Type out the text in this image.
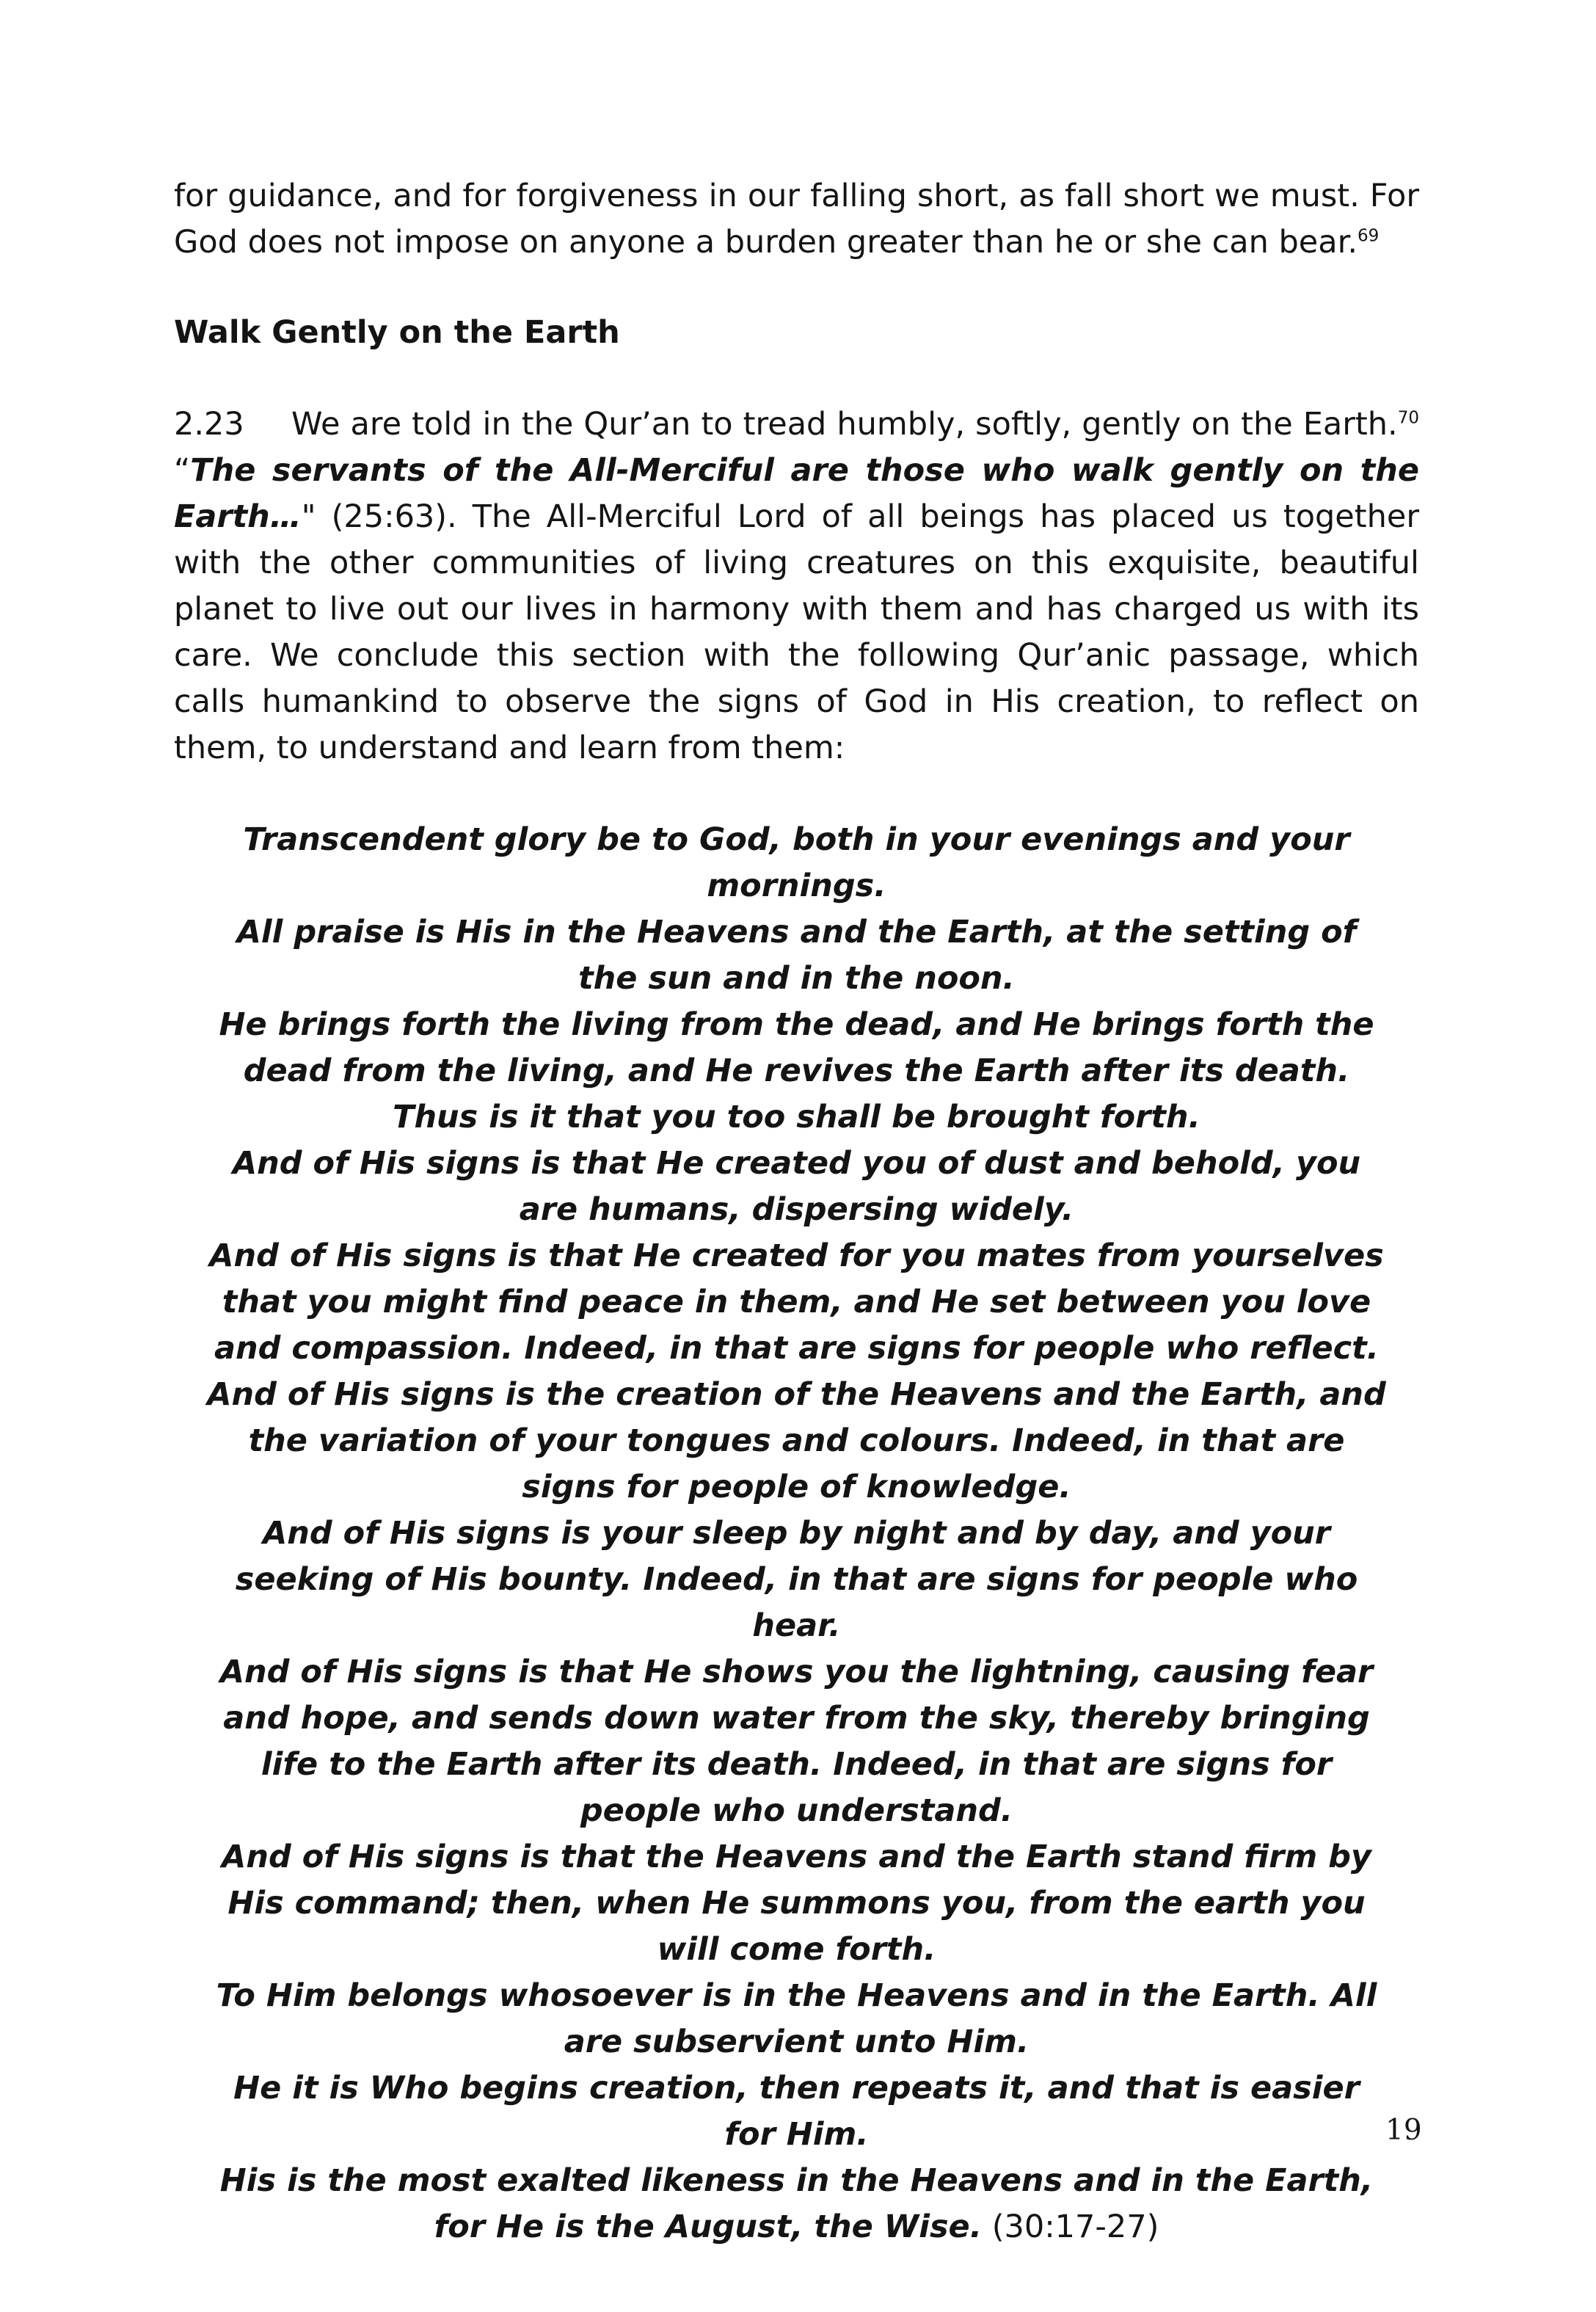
for guidance, and for forgiveness in our falling short, as fall short we must. For God does not impose on anyone a burden greater than he or she can bear.$^{69}$

Walk Gently on the Earth

2.23 We are told in the Qur’an to tread humbly, softly, gently on the Earth.$^{70}$ “The servants of the All-Merciful are those who walk gently on the Earth…" (25:63). The All-Merciful Lord of all beings has placed us together with the other communities of living creatures on this exquisite, beautiful planet to live out our lives in harmony with them and has charged us with its care. We conclude this section with the following Qur’anic passage, which calls humankind to observe the signs of God in His creation, to reflect on them, to understand and learn from them:

Transcendent glory be to God, both in your evenings and your mornings.
All praise is His in the Heavens and the Earth, at the setting of the sun and in the noon.
He brings forth the living from the dead, and He brings forth the dead from the living, and He revives the Earth after its death. Thus is it that you too shall be brought forth.
And of His signs is that He created you of dust and behold, you are humans, dispersing widely.
And of His signs is that He created for you mates from yourselves that you might find peace in them, and He set between you love and compassion. Indeed, in that are signs for people who reflect.
And of His signs is the creation of the Heavens and the Earth, and the variation of your tongues and colours. Indeed, in that are signs for people of knowledge.
And of His signs is your sleep by night and by day, and your seeking of His bounty. Indeed, in that are signs for people who hear.
And of His signs is that He shows you the lightning, causing fear and hope, and sends down water from the sky, thereby bringing life to the Earth after its death. Indeed, in that are signs for people who understand.
And of His signs is that the Heavens and the Earth stand firm by His command; then, when He summons you, from the earth you will come forth.
To Him belongs whosoever is in the Heavens and in the Earth. All are subservient unto Him.
He it is Who begins creation, then repeats it, and that is easier for Him.
His is the most exalted likeness in the Heavens and in the Earth, for He is the August, the Wise. (30:17-27)
19
